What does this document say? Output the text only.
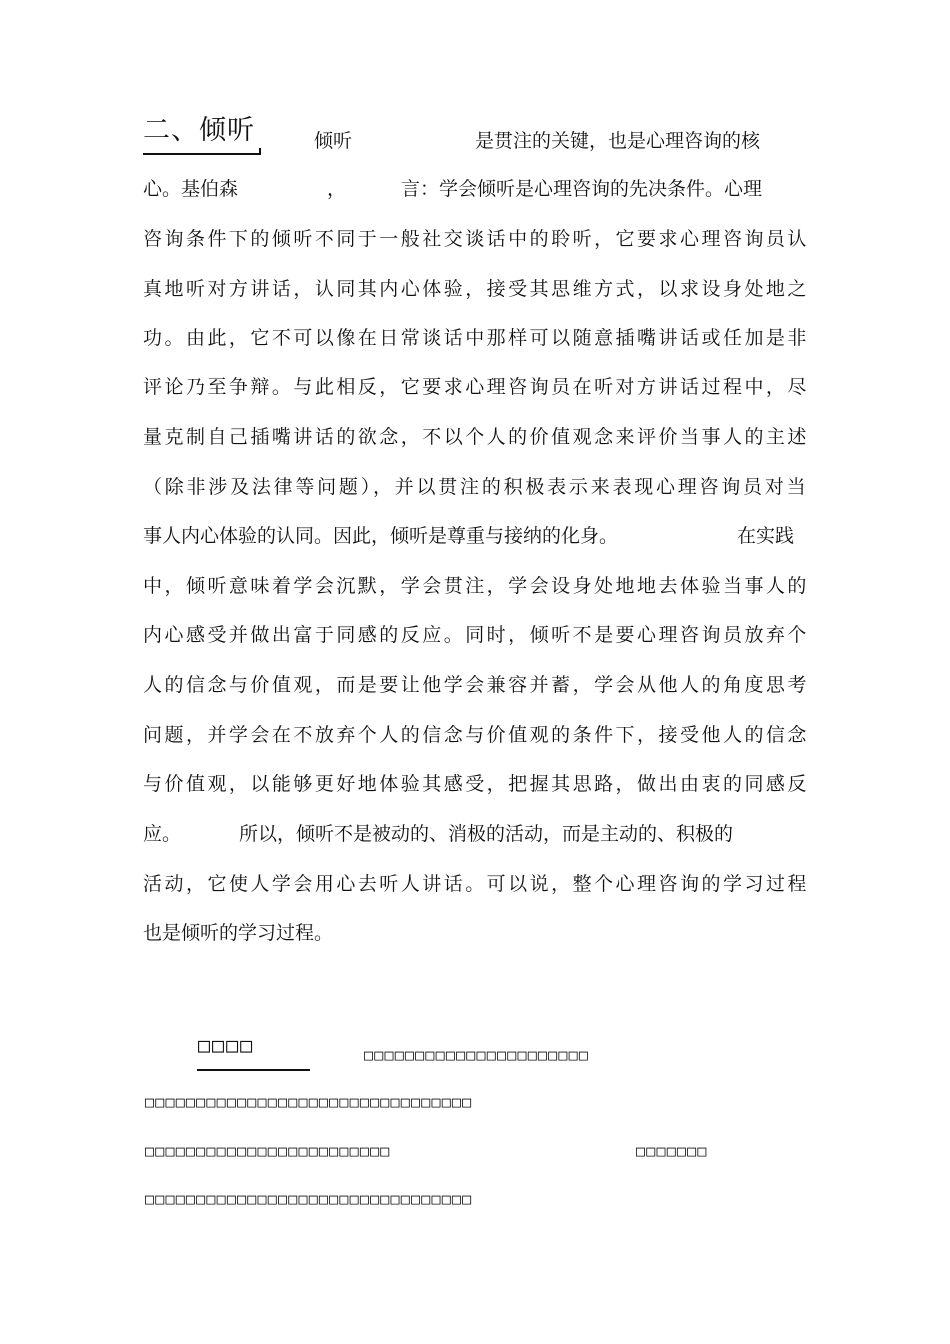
二、倾听	倾听	是贯注的关键，也是心理咨询的核
心。基伯森	，	言：学会倾听是心理咨询的先决条件。心理
咨询条件下的倾听不同于一般社交谈话中的聆听，它要求心理咨询员认
真地听对方讲话，认同其内心体验，接受其思维方式，以求设身处地之
功。由此，它不可以像在日常谈话中那样可以随意插嘴讲话或任加是非
评论乃至争辩。与此相反，它要求心理咨询员在听对方讲话过程中，尽
量克制自己插嘴讲话的欲念，不以个人的价值观念来评价当事人的主述
（除非涉及法律等问题），并以贯注的积极表示来表现心理咨询员对当
事人内心体验的认同。因此，倾听是尊重与接纳的化身。	在实践
中，倾听意味着学会沉默，学会贯注，学会设身处地地去体验当事人的
内心感受并做出富于同感的反应。同时，倾听不是要心理咨询员放弃个
人的信念与价值观，而是要让他学会兼容并蓄，学会从他人的角度思考
问题，并学会在不放弃个人的信念与价值观的条件下，接受他人的信念
与价值观，以能够更好地体验其感受，把握其思路，做出由衷的同感反
应。	所以，倾听不是被动的、消极的活动，而是主动的、积极的
活动，它使人学会用心去听人讲话。可以说，整个心理咨询的学习过程
也是倾听的学习过程。
□□□□	□□□□□□□□□□□□□□□□□□□□□□
□□□□□□□□□□□□□□□□□□□□□□□□□□□□□□□□
□□□□□□□□□□□□□□□□□□□□□□□□	□□□□□□□
□□□□□□□□□□□□□□□□□□□□□□□□□□□□□□□□
